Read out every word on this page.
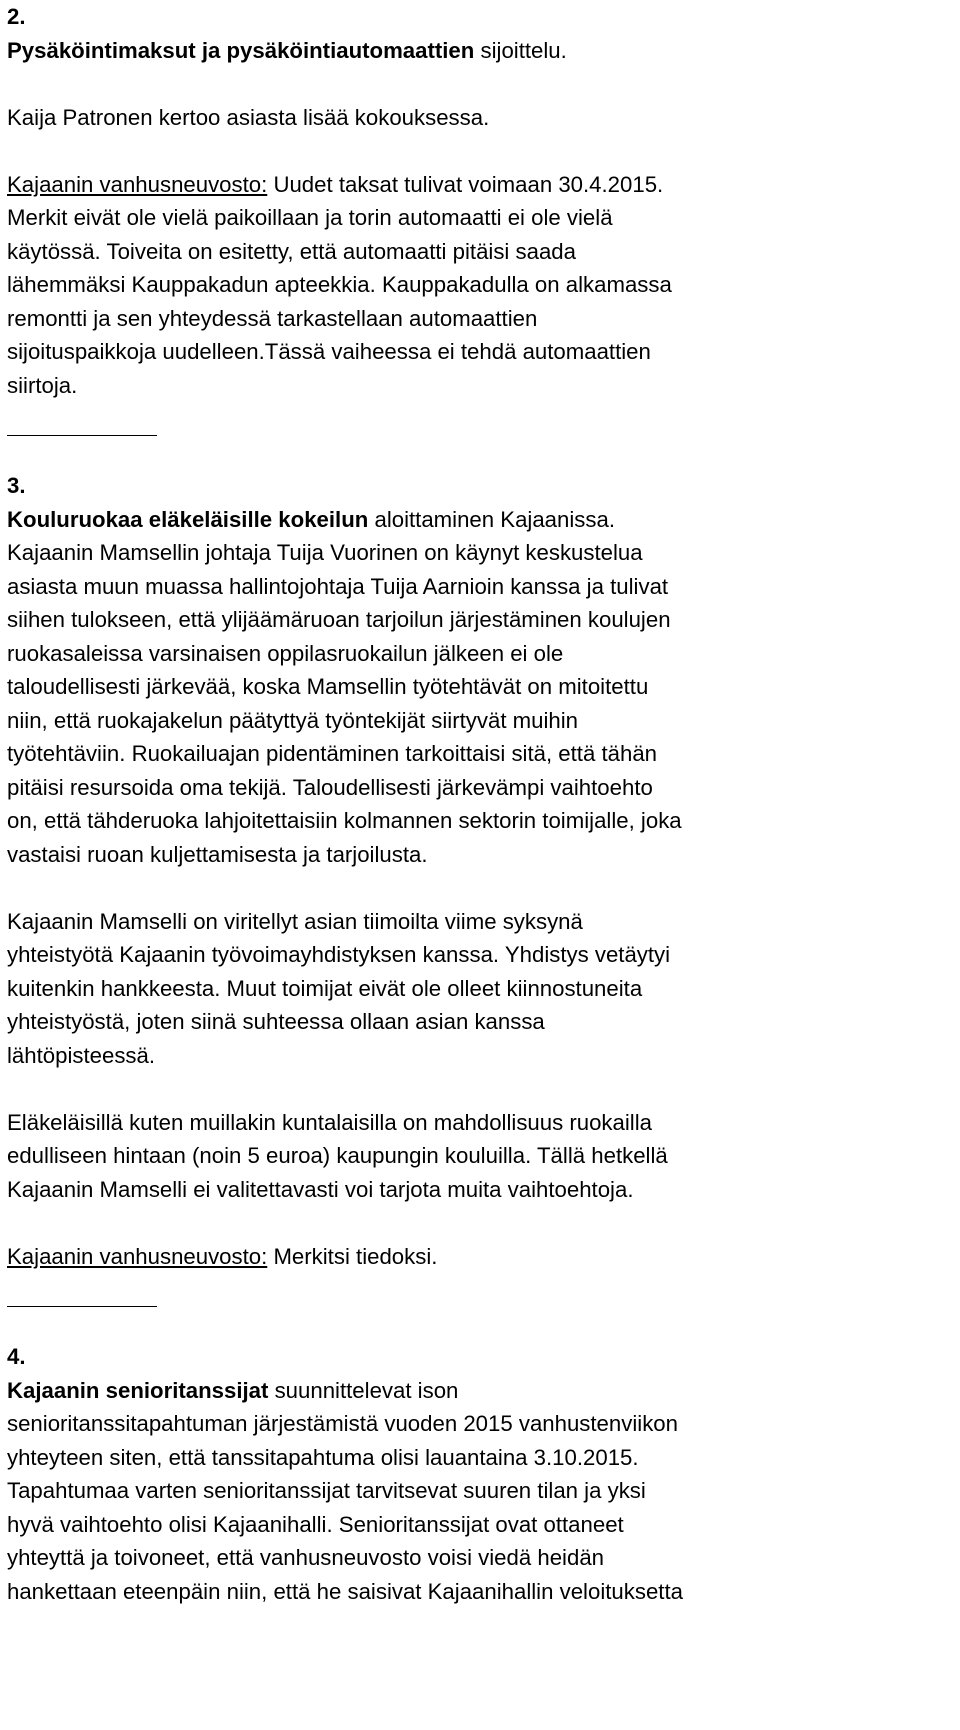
2.
Pysäköintimaksut ja pysäköintiautomaattien sijoittelu.
Kaija Patronen kertoo asiasta lisää kokouksessa.
Kajaanin vanhusneuvosto: Uudet taksat tulivat voimaan 30.4.2015.
Merkit eivät ole vielä paikoillaan ja torin automaatti ei ole vielä
käytössä. Toiveita on esitetty, että automaatti pitäisi saada
lähemmäksi Kauppakadun apteekkia. Kauppakadulla on alkamassa
remontti ja sen yhteydessä tarkastellaan automaattien
sijoituspaikkoja uudelleen.Tässä vaiheessa ei tehdä automaattien
siirtoja.
3.
Kouluruokaa eläkeläisille kokeilun aloittaminen Kajaanissa.
Kajaanin Mamsellin johtaja Tuija Vuorinen on käynyt keskustelua
asiasta muun muassa hallintojohtaja Tuija Aarnioin kanssa ja tulivat
siihen tulokseen, että ylijäämäruoan tarjoilun järjestäminen koulujen
ruokasaleissa varsinaisen oppilasruokailun jälkeen ei ole
taloudellisesti järkevää, koska Mamsellin työtehtävät on mitoitettu
niin, että ruokajakelun päätyttyä työntekijät siirtyvät muihin
työtehtäviin. Ruokailuajan pidentäminen tarkoittaisi sitä, että tähän
pitäisi resursoida oma tekijä. Taloudellisesti järkevämpi vaihtoehto
on, että tähderuoka lahjoitettaisiin kolmannen sektorin toimijalle, joka
vastaisi ruoan kuljettamisesta ja tarjoilusta.
Kajaanin Mamselli on viritellyt asian tiimoilta viime syksynä
yhteistyötä Kajaanin työvoimayhdistyksen kanssa. Yhdistys vetäytyi
kuitenkin hankkeesta. Muut toimijat eivät ole olleet kiinnostuneita
yhteistyöstä, joten siinä suhteessa ollaan asian kanssa
lähtöpisteessä.
Eläkeläisillä kuten muillakin kuntalaisilla on mahdollisuus ruokailla
edulliseen hintaan (noin 5 euroa) kaupungin kouluilla. Tällä hetkellä
Kajaanin Mamselli ei valitettavasti voi tarjota muita vaihtoehtoja.
Kajaanin vanhusneuvosto: Merkitsi tiedoksi.
4.
Kajaanin senioritanssijat suunnittelevat ison
senioritanssitapahtuman järjestämistä vuoden 2015 vanhustenviikon
yhteyteen siten, että tanssitapahtuma olisi lauantaina 3.10.2015.
Tapahtumaa varten senioritanssijat tarvitsevat suuren tilan ja yksi
hyvä vaihtoehto olisi Kajaanihalli. Senioritanssijat ovat ottaneet
yhteyttä ja toivoneet, että vanhusneuvosto voisi viedä heidän
hankettaan eteenpäin niin, että he saisivat Kajaanihallin veloituksetta
